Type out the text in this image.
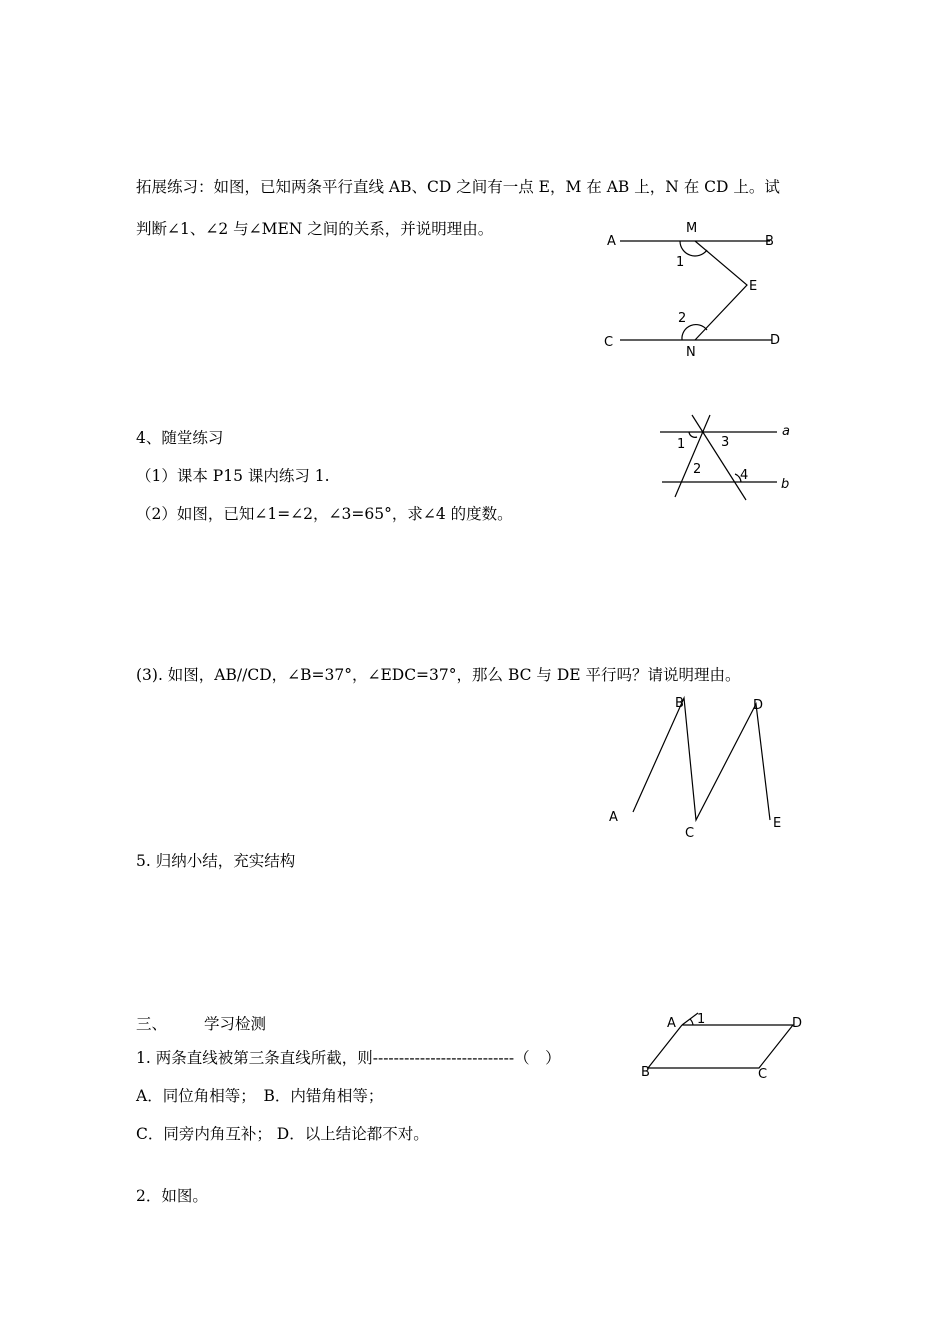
拓展练习：如图，已知两条平行直线 AB、CD 之间有一点 E，M 在 AB 上，N 在 CD 上。试
判断∠1、∠2 与∠MEN 之间的关系，并说明理由。
A
M
B
1
E
2
C
N
D
4、随堂练习
（1）课本 P15 课内练习 1.
（2）如图，已知∠1=∠2，∠3=65°，求∠4 的度数。
1	3
a
2	4
b
(3). 如图，AB//CD，∠B=37°，∠EDC=37°，那么 BC 与 DE 平行吗？请说明理由。
B	D
A
C
E
5. 归纳小结，充实结构
三、 学习检测
1. 两条直线被第三条直线所截，则---------------------------（　）
A．同位角相等；　B．内错角相等；
C．同旁内角互补； D．以上结论都不对。
2．如图。
A 1	D
B	C
